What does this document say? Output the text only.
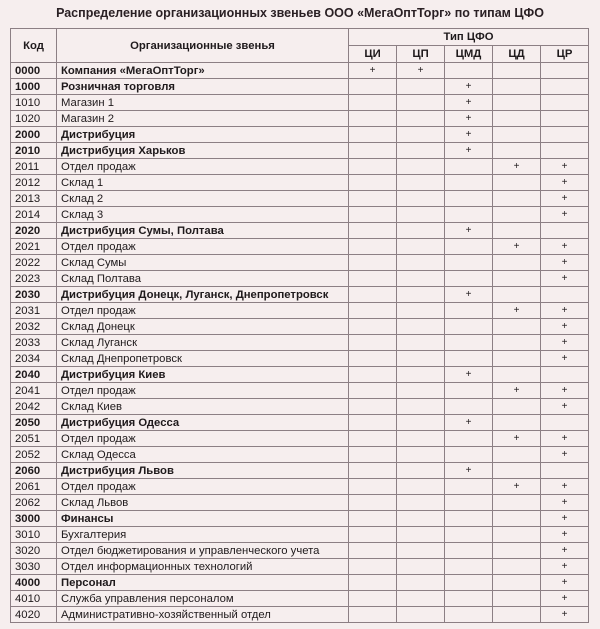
Распределение организационных звеньев ООО «МегаОптТорг» по типам ЦФО
Код	Организационные звенья	Тип ЦФО				
		ЦИ	ЦП	ЦМД	ЦД	ЦР
0000	Компания «МегаОптТорг»	+	+			
1000	Розничная торговля			+		
1010	Магазин 1			+		
1020	Магазин 2			+		
2000	Дистрибуция			+		
2010	Дистрибуция Харьков			+		
2011	Отдел продаж				+	+
2012	Склад 1					+
2013	Склад 2					+
2014	Склад 3					+
2020	Дистрибуция Сумы, Полтава			+		
2021	Отдел продаж				+	+
2022	Склад Сумы					+
2023	Склад Полтава					+
2030	Дистрибуция Донецк, Луганск, Днепропетровск			+		
2031	Отдел продаж				+	+
2032	Склад Донецк					+
2033	Склад Луганск					+
2034	Склад Днепропетровск					+
2040	Дистрибуция Киев			+		
2041	Отдел продаж				+	+
2042	Склад Киев					+
2050	Дистрибуция Одесса			+		
2051	Отдел продаж				+	+
2052	Склад Одесса					+
2060	Дистрибуция Львов			+		
2061	Отдел продаж				+	+
2062	Склад Львов					+
3000	Финансы					+
3010	Бухгалтерия					+
3020	Отдел бюджетирования и управленческого учета					+
3030	Отдел информационных технологий					+
4000	Персонал					+
4010	Служба управления персоналом					+
4020	Административно-хозяйственный отдел					+
